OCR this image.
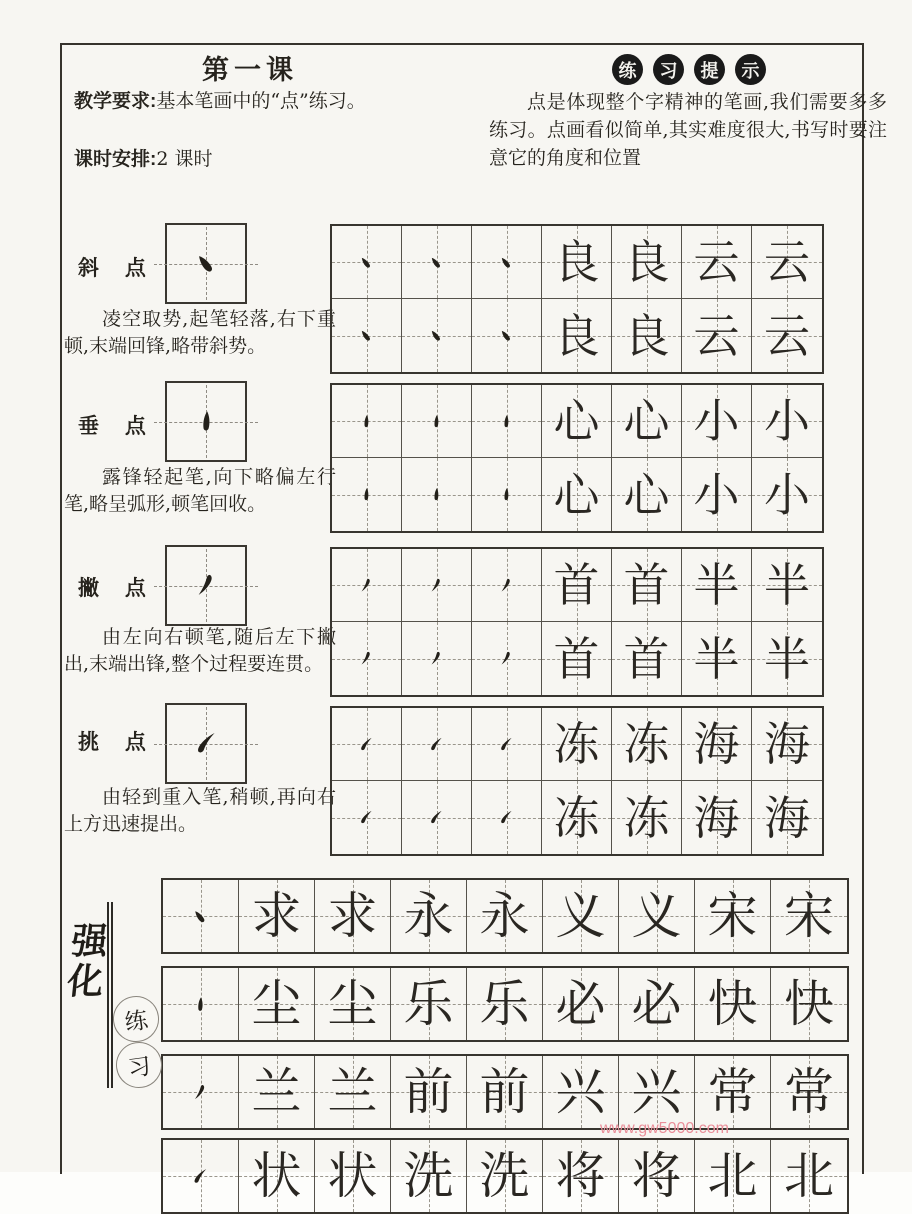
第一课
教学要求:基本笔画中的“点”练习。
课时安排:2 课时
练	习	提	示

点是体现整个字精神的笔画,我们需要多多练习。点画看似简单,其实难度很大,书写时要注意它的角度和位置

斜 点
凌空取势,起笔轻落,右下重顿,末端回锋,略带斜势。
良 良 云 云
良 良 云 云
垂 点
露锋轻起笔,向下略偏左行笔,略呈弧形,顿笔回收。
心 心 小 小
心 心 小 小
撇 点
由左向右顿笔,随后左下撇出,末端出锋,整个过程要连贯。
首 首 半 半
首 首 半 半
挑 点
由轻到重入笔,稍顿,再向右上方迅速提出。
冻 冻 海 海
冻 冻 海 海
求 求 永 永 义 义 宋 宋
尘 尘 乐 乐 必 必 快 快
兰 兰 前 前 兴 兴 常 常
状 状 洗 洗 将 将 北 北
强化
练
习
www.gw5000.com
